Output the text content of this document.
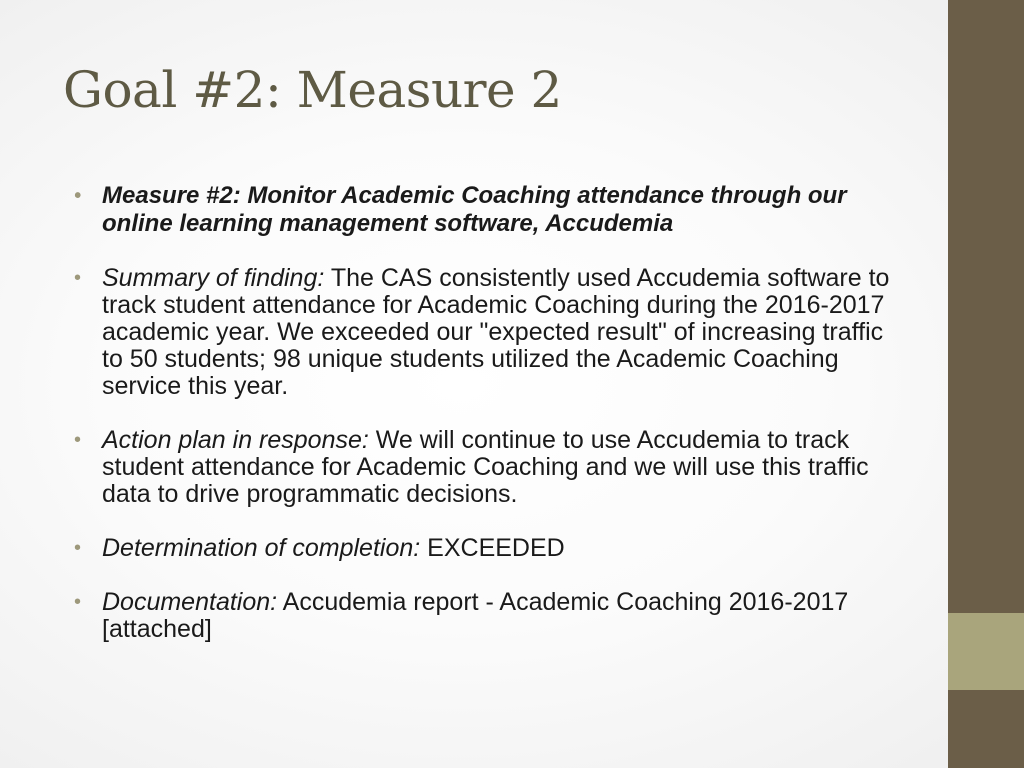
Goal #2: Measure 2
• Measure #2: Monitor Academic Coaching attendance through our online learning management software, Accudemia
• Summary of finding: The CAS consistently used Accudemia software to track student attendance for Academic Coaching during the 2016-2017 academic year. We exceeded our "expected result" of increasing traffic to 50 students; 98 unique students utilized the Academic Coaching service this year.
• Action plan in response: We will continue to use Accudemia to track student attendance for Academic Coaching and we will use this traffic data to drive programmatic decisions.
• Determination of completion: EXCEEDED
• Documentation: Accudemia report - Academic Coaching 2016-2017 [attached]
